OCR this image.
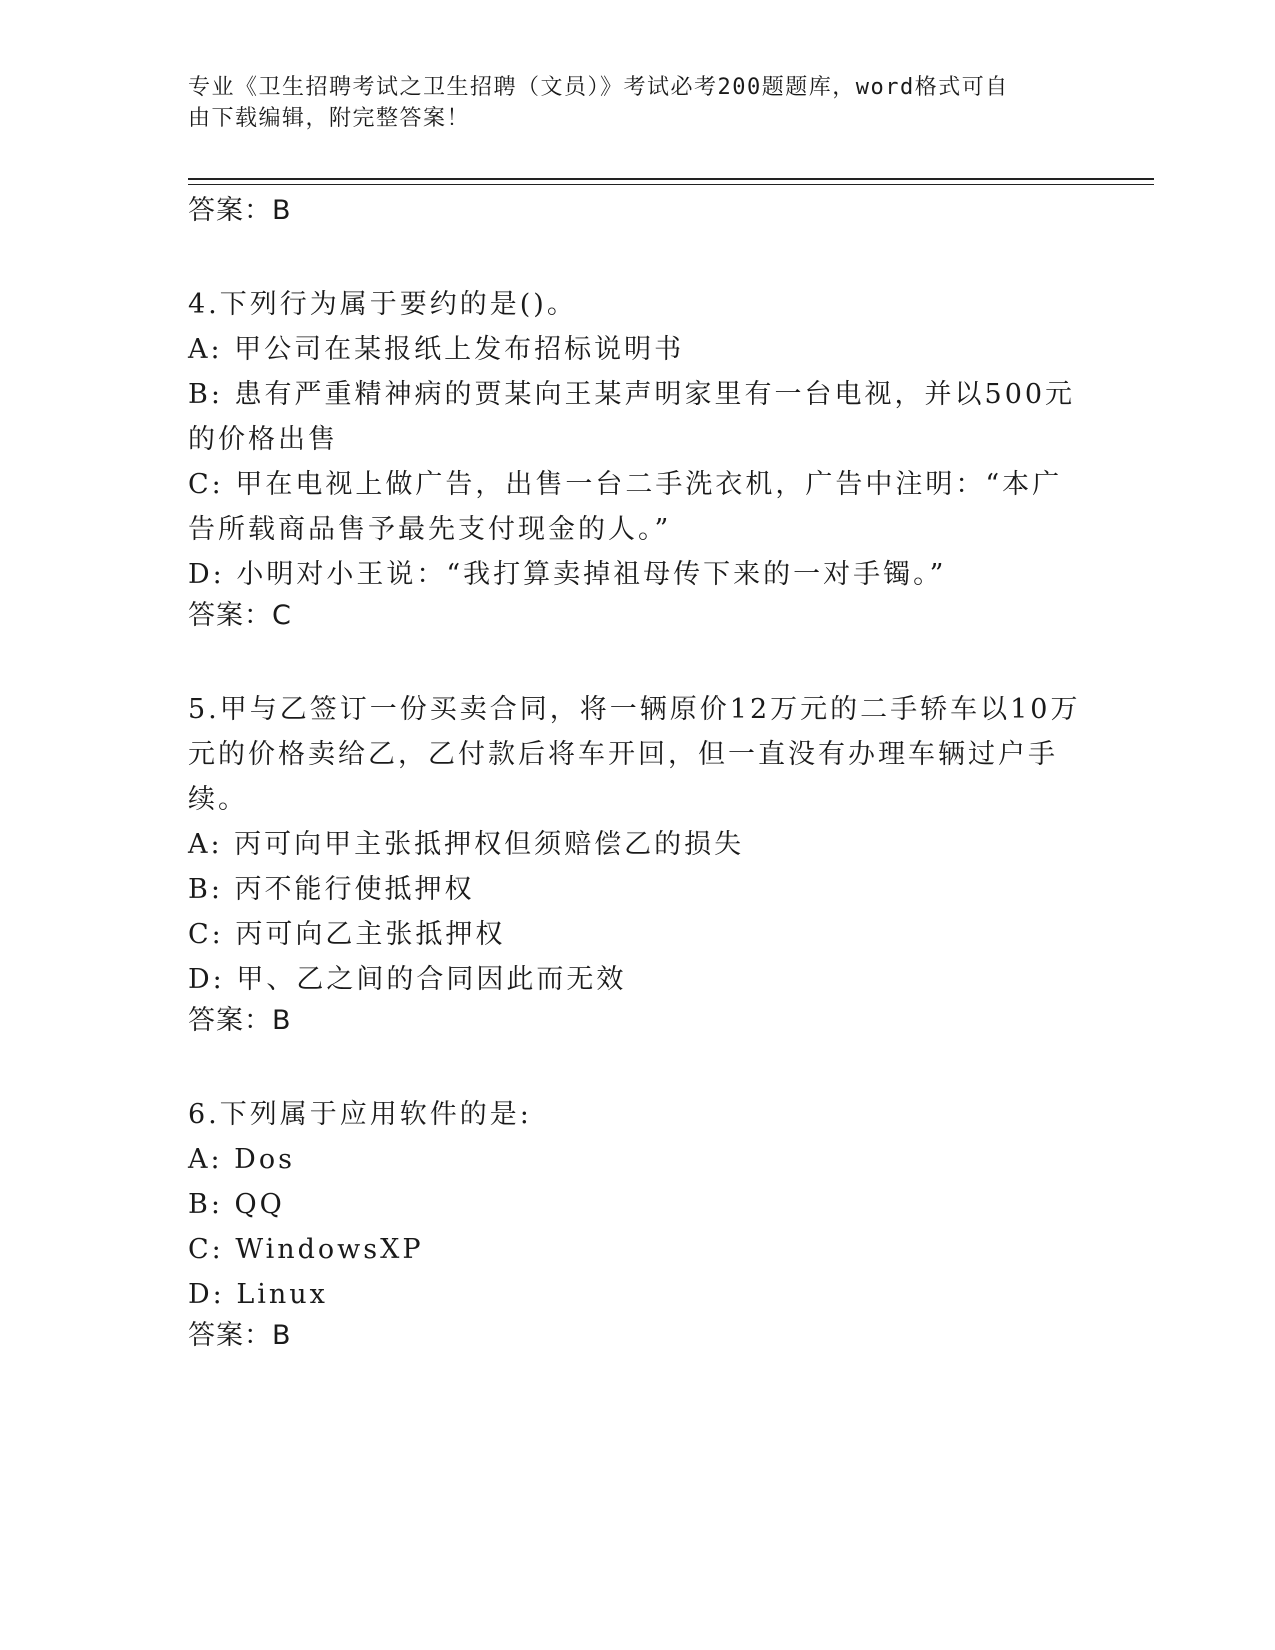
专业《卫生招聘考试之卫生招聘（文员）》考试必考200题题库，word格式可自
由下载编辑，附完整答案！
答案：B
4.下列行为属于要约的是()。
A: 甲公司在某报纸上发布招标说明书
B: 患有严重精神病的贾某向王某声明家里有一台电视，并以500元的价格出售
C: 甲在电视上做广告，出售一台二手洗衣机，广告中注明：“本广告所载商品售予最先支付现金的人。”
D: 小明对小王说：“我打算卖掉祖母传下来的一对手镯。”
答案：C
5.甲与乙签订一份买卖合同，将一辆原价12万元的二手轿车以10万元的价格卖给乙，乙付款后将车开回，但一直没有办理车辆过户手续。
A: 丙可向甲主张抵押权但须赔偿乙的损失
B: 丙不能行使抵押权
C: 丙可向乙主张抵押权
D: 甲、乙之间的合同因此而无效
答案：B
6.下列属于应用软件的是:
A: Dos
B: QQ
C: WindowsXP
D: Linux
答案：B
